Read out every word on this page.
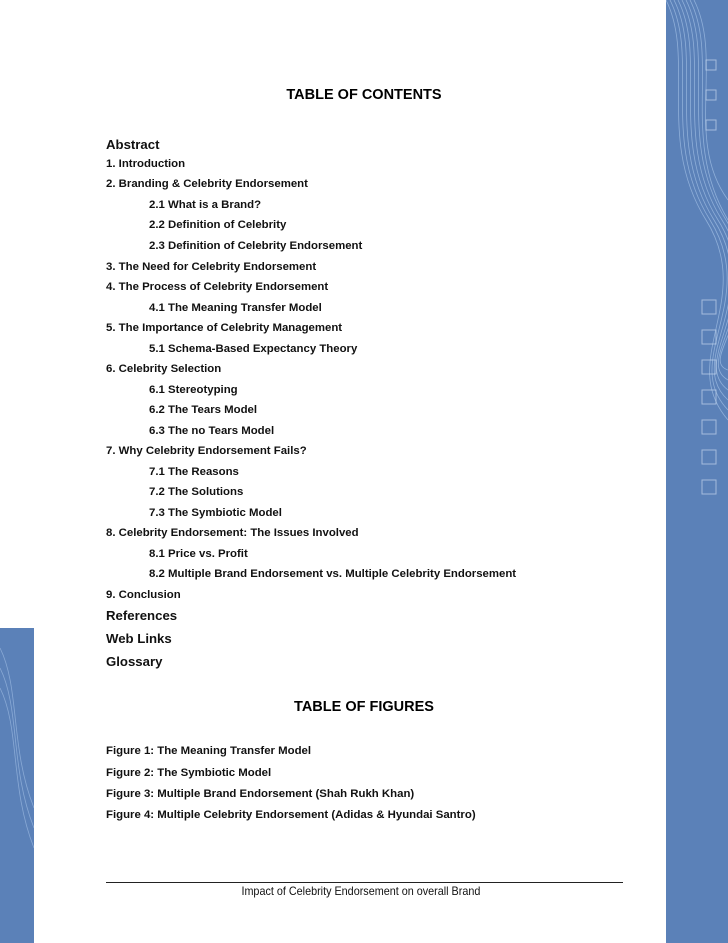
TABLE OF CONTENTS
Abstract
1. Introduction
2. Branding & Celebrity Endorsement
2.1 What is a Brand?
2.2 Definition of Celebrity
2.3 Definition of Celebrity Endorsement
3. The Need for Celebrity Endorsement
4. The Process of Celebrity Endorsement
4.1 The Meaning Transfer Model
5. The Importance of Celebrity Management
5.1 Schema-Based Expectancy Theory
6. Celebrity Selection
6.1 Stereotyping
6.2 The Tears Model
6.3 The no Tears Model
7. Why Celebrity Endorsement Fails?
7.1 The Reasons
7.2 The Solutions
7.3 The Symbiotic Model
8. Celebrity Endorsement: The Issues Involved
8.1 Price vs. Profit
8.2 Multiple Brand Endorsement vs. Multiple Celebrity Endorsement
9. Conclusion
References
Web Links
Glossary
TABLE OF FIGURES
Figure 1: The Meaning Transfer Model
Figure 2: The Symbiotic Model
Figure 3: Multiple Brand Endorsement (Shah Rukh Khan)
Figure 4: Multiple Celebrity Endorsement (Adidas & Hyundai Santro)
Impact of Celebrity Endorsement on overall Brand
